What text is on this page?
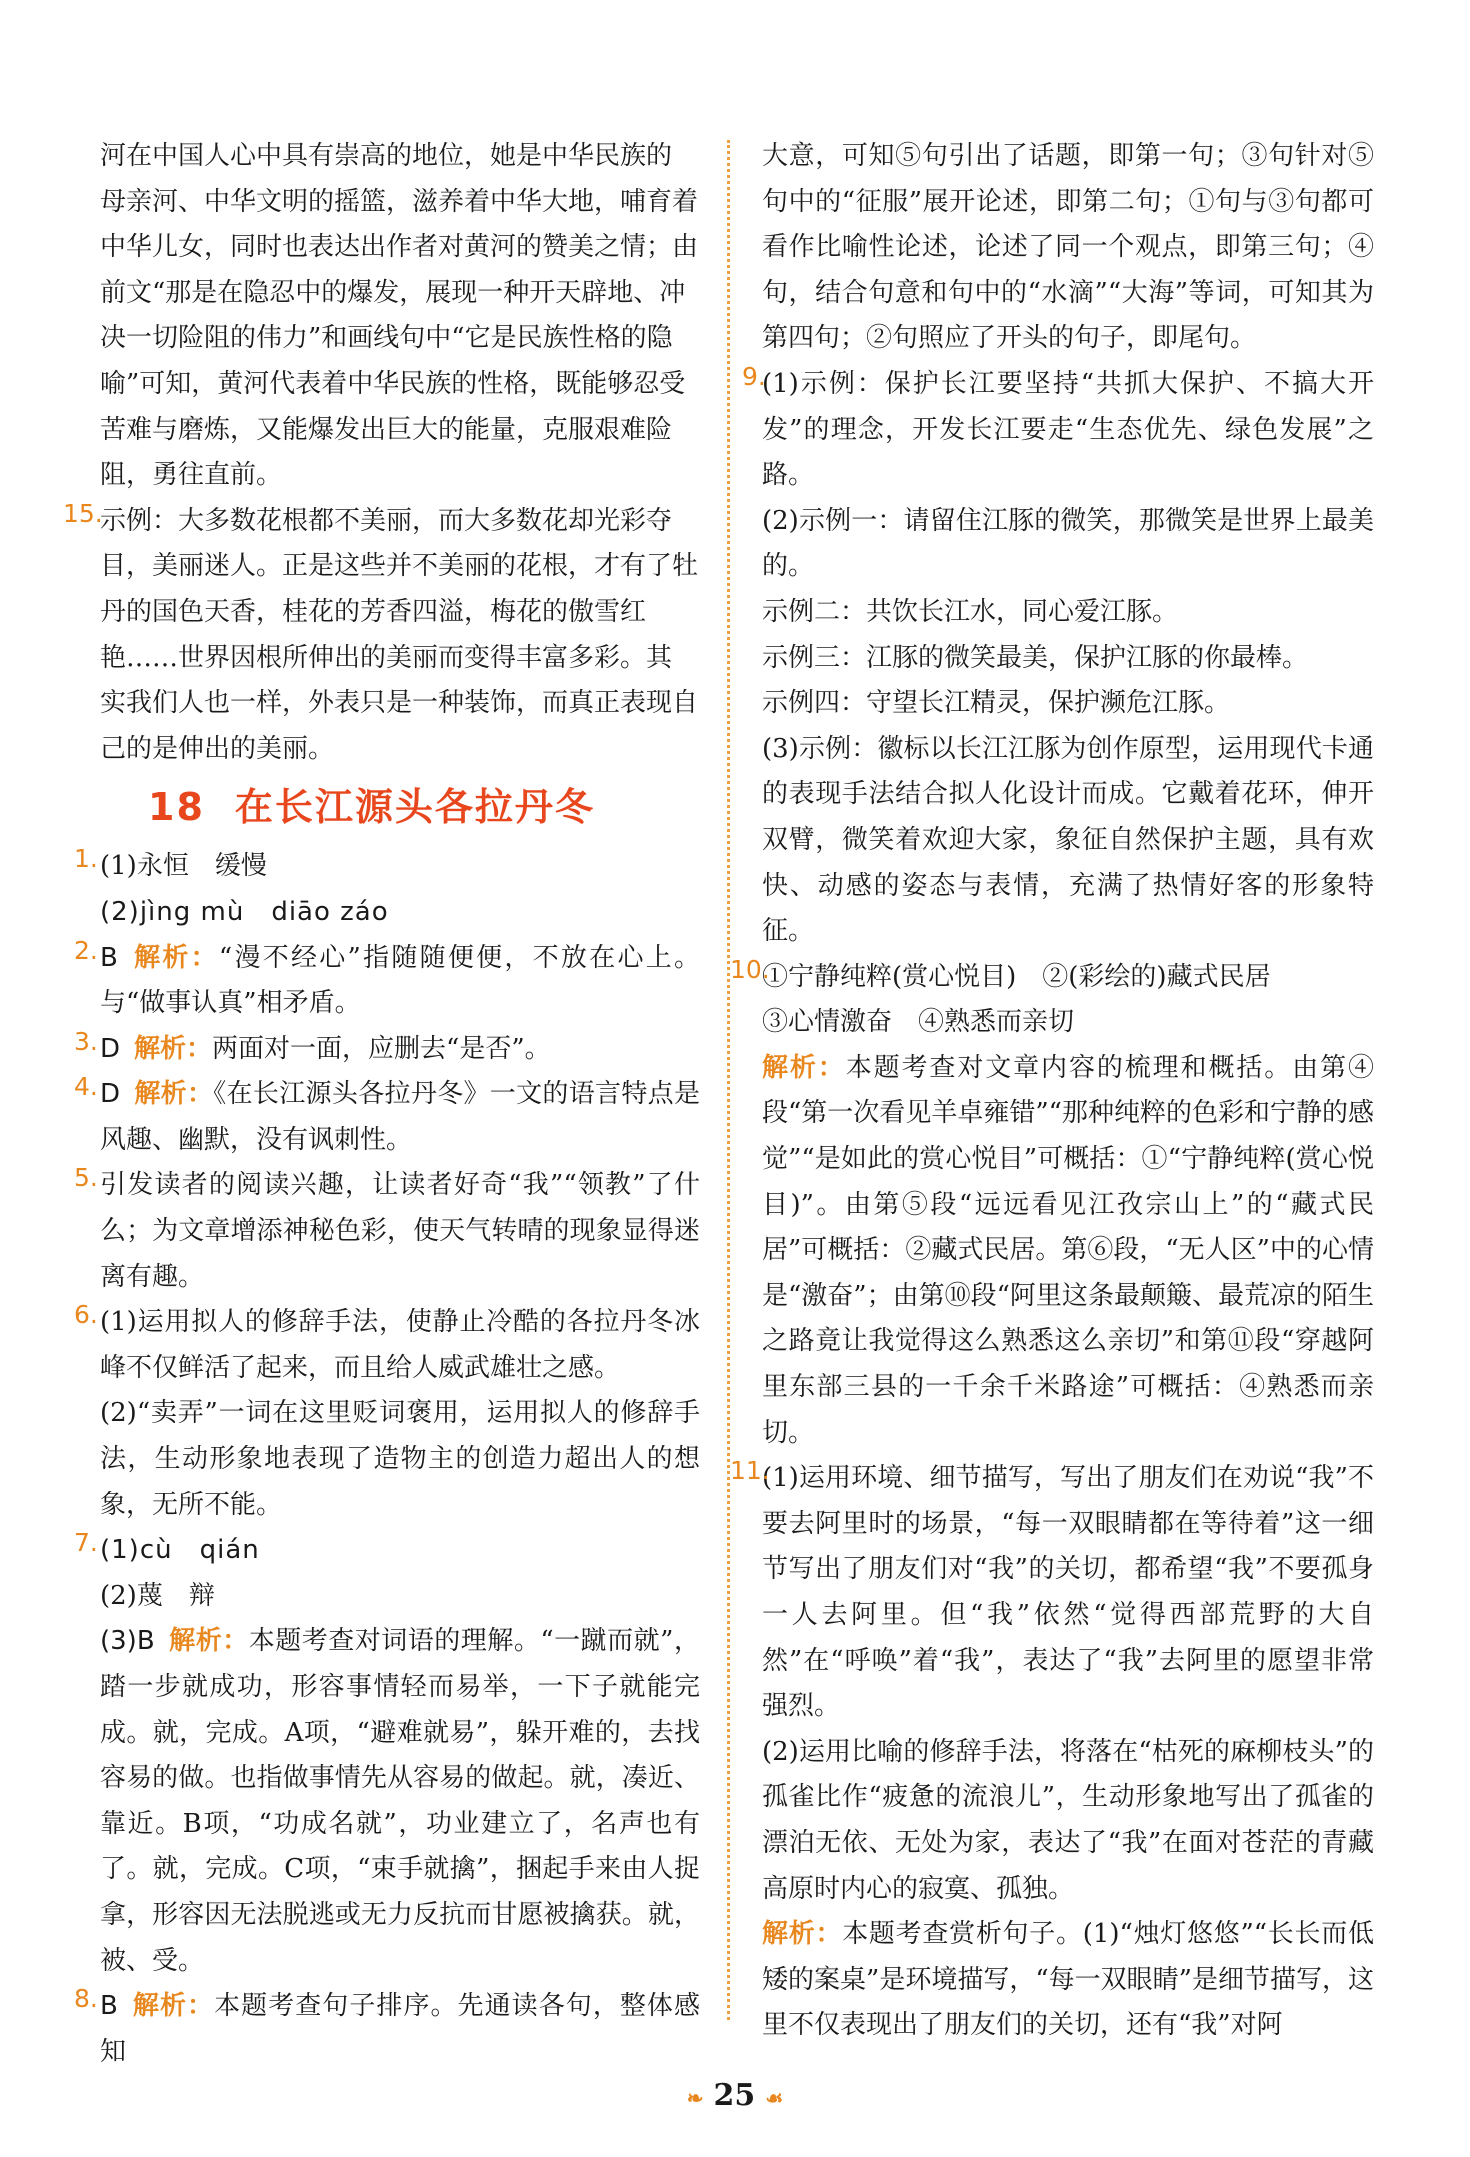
河在中国人心中具有崇高的地位，她是中华民族的

母亲河、中华文明的摇篮，滋养着中华大地，哺育着

中华儿女，同时也表达出作者对黄河的赞美之情；由

前文“那是在隐忍中的爆发，展现一种开天辟地、冲

决一切险阻的伟力”和画线句中“它是民族性格的隐

喻”可知，黄河代表着中华民族的性格，既能够忍受

苦难与磨炼，又能爆发出巨大的能量，克服艰难险

阻，勇往直前。

15.

示例：大多数花根都不美丽，而大多数花却光彩夺

目，美丽迷人。正是这些并不美丽的花根，才有了牡

丹的国色天香，桂花的芳香四溢，梅花的傲雪红

艳……世界因根所伸出的美丽而变得丰富多彩。其

实我们人也一样，外表只是一种装饰，而真正表现自

己的是伸出的美丽。

18 在长江源头各拉丹冬
1. (1)永恒　缓慢

(2)jìng mù　diāo záo

2. B 解析：“漫不经心”指随随便便，不放在心上。与“做事认真”相矛盾。

3. D 解析：两面对一面，应删去“是否”。

4. D 解析：《在长江源头各拉丹冬》一文的语言特点是风趣、幽默，没有讽刺性。

5. 引发读者的阅读兴趣，让读者好奇“我”“领教”了什么；为文章增添神秘色彩，使天气转晴的现象显得迷离有趣。

6. (1)运用拟人的修辞手法，使静止冷酷的各拉丹冬冰峰不仅鲜活了起来，而且给人威武雄壮之感。

(2)“卖弄”一词在这里贬词褒用，运用拟人的修辞手法，生动形象地表现了造物主的创造力超出人的想象，无所不能。

7. (1)cù　qián

(2)蔑　辩

(3)B 解析：本题考查对词语的理解。“一蹴而就”，踏一步就成功，形容事情轻而易举，一下子就能完成。就，完成。A项，“避难就易”，躲开难的，去找容易的做。也指做事情先从容易的做起。就，凑近、靠近。B项，“功成名就”，功业建立了，名声也有了。就，完成。C项，“束手就擒”，捆起手来由人捉拿，形容因无法脱逃或无力反抗而甘愿被擒获。就，被、受。

8. B 解析：本题考查句子排序。先通读各句，整体感知

大意，可知⑤句引出了话题，即第一句；③句针对⑤句中的“征服”展开论述，即第二句；①句与③句都可看作比喻性论述，论述了同一个观点，即第三句；④句，结合句意和句中的“水滴”“大海”等词，可知其为第四句；②句照应了开头的句子，即尾句。

9.

(1)示例：保护长江要坚持“共抓大保护、不搞大开发”的理念，开发长江要走“生态优先、绿色发展”之路。

(2)示例一：请留住江豚的微笑，那微笑是世界上最美的。

示例二：共饮长江水，同心爱江豚。

示例三：江豚的微笑最美，保护江豚的你最棒。

示例四：守望长江精灵，保护濒危江豚。

(3)示例：徽标以长江江豚为创作原型，运用现代卡通的表现手法结合拟人化设计而成。它戴着花环，伸开双臂，微笑着欢迎大家，象征自然保护主题，具有欢快、动感的姿态与表情，充满了热情好客的形象特征。

10.

①宁静纯粹(赏心悦目)　②(彩绘的)藏式民居

③心情激奋　④熟悉而亲切

解析：本题考查对文章内容的梳理和概括。由第④段“第一次看见羊卓雍错”“那种纯粹的色彩和宁静的感觉”“是如此的赏心悦目”可概括：①“宁静纯粹(赏心悦目)”。由第⑤段“远远看见江孜宗山上”的“藏式民居”可概括：②藏式民居。第⑥段，“无人区”中的心情是“激奋”；由第⑩段“阿里这条最颠簸、最荒凉的陌生之路竟让我觉得这么熟悉这么亲切”和第⑪段“穿越阿里东部三县的一千余千米路途”可概括：④熟悉而亲切。

11.

(1)运用环境、细节描写，写出了朋友们在劝说“我”不要去阿里时的场景，“每一双眼睛都在等待着”这一细节写出了朋友们对“我”的关切，都希望“我”不要孤身一人去阿里。但“我”依然“觉得西部荒野的大自然”在“呼唤”着“我”，表达了“我”去阿里的愿望非常强烈。

(2)运用比喻的修辞手法，将落在“枯死的麻柳枝头”的孤雀比作“疲惫的流浪儿”，生动形象地写出了孤雀的漂泊无依、无处为家，表达了“我”在面对苍茫的青藏高原时内心的寂寞、孤独。

解析：本题考查赏析句子。(1)“烛灯悠悠”“长长而低矮的案桌”是环境描写，“每一双眼睛”是细节描写，这里不仅表现出了朋友们的关切，还有“我”对阿

❧ 25 ☙
